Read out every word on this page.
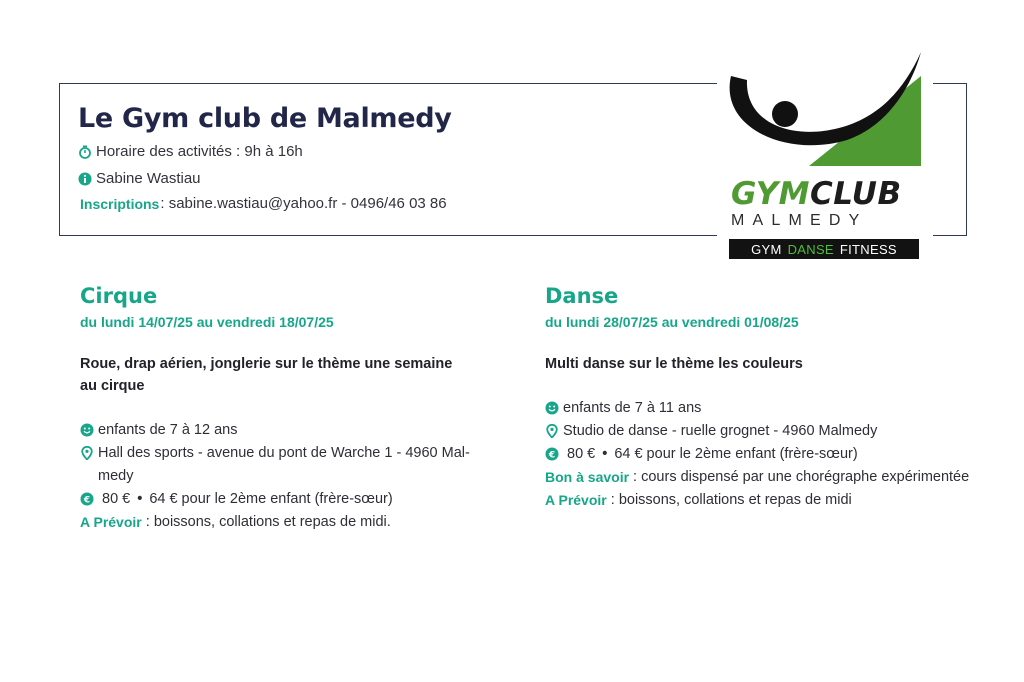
Le Gym club de Malmedy
Horaire des activités : 9h à 16h
Sabine Wastiau
Inscriptions : sabine.wastiau@yahoo.fr - 0496/46 03 86	GYMCLUB
MALMEDY
GYM DANSE FITNESS
Cirque
du lundi 14/07/25 au vendredi 18/07/25
Roue, drap aérien, jonglerie sur le thème une semaine au cirque
enfants de 7 à 12 ans
Hall des sports - avenue du pont de Warche 1 - 4960 Mal-medy
€ 80 € • 64 € pour le 2ème enfant (frère-sœur)
A Prévoir : boissons, collations et repas de midi.
Danse
du lundi 28/07/25 au vendredi 01/08/25
Multi danse sur le thème les couleurs
enfants de 7 à 11 ans
Studio de danse - ruelle grognet - 4960 Malmedy
€ 80 € • 64 € pour le 2ème enfant (frère-sœur)
Bon à savoir : cours dispensé par une chorégraphe expérimentée
A Prévoir : boissons, collations et repas de midi
